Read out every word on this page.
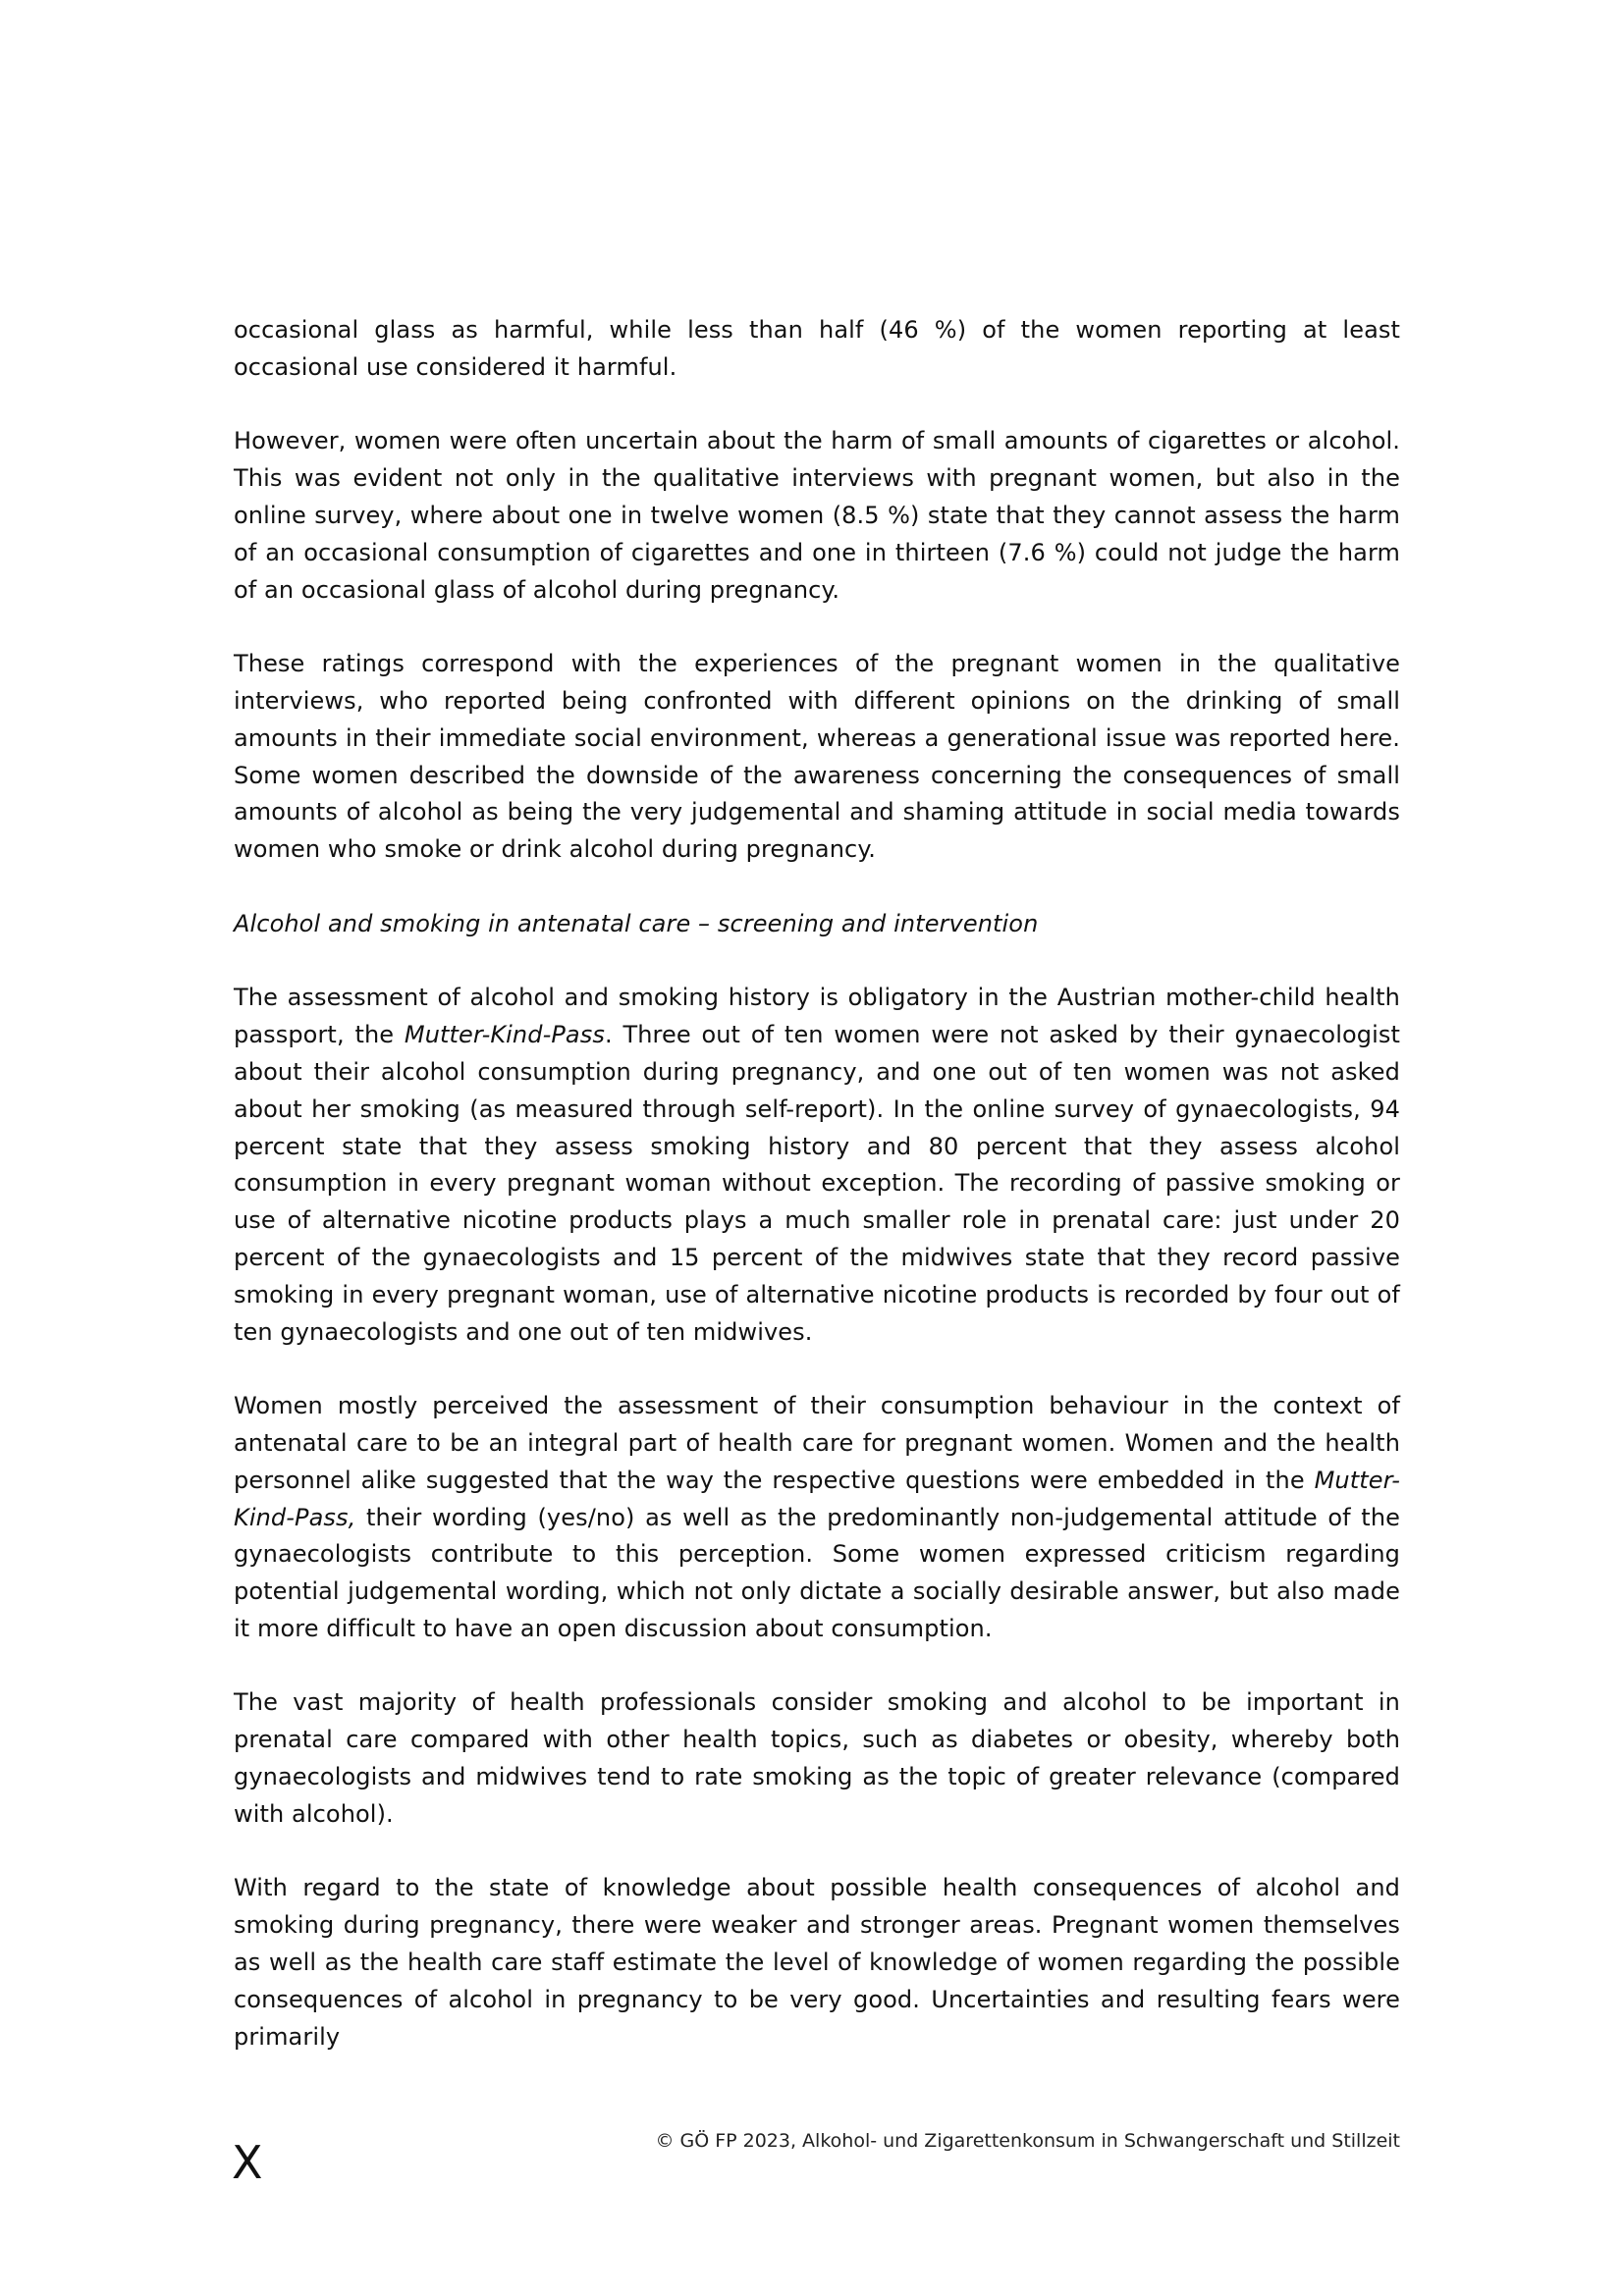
occasional glass as harmful, while less than half (46 %) of the women reporting at least occasional use considered it harmful.

However, women were often uncertain about the harm of small amounts of cigarettes or alcohol. This was evident not only in the qualitative interviews with pregnant women, but also in the online survey, where about one in twelve women (8.5 %) state that they cannot assess the harm of an occasional consumption of cigarettes and one in thirteen (7.6 %) could not judge the harm of an occasional glass of alcohol during pregnancy.

These ratings correspond with the experiences of the pregnant women in the qualitative interviews, who reported being confronted with different opinions on the drinking of small amounts in their immediate social environment, whereas a generational issue was reported here. Some women described the downside of the awareness concerning the consequences of small amounts of alcohol as being the very judgemental and shaming attitude in social media towards women who smoke or drink alcohol during pregnancy.

Alcohol and smoking in antenatal care – screening and intervention

The assessment of alcohol and smoking history is obligatory in the Austrian mother-child health passport, the Mutter-Kind-Pass. Three out of ten women were not asked by their gynaecologist about their alcohol consumption during pregnancy, and one out of ten women was not asked about her smoking (as measured through self-report). In the online survey of gynaecologists, 94 percent state that they assess smoking history and 80 percent that they assess alcohol consumption in every pregnant woman without exception. The recording of passive smoking or use of alternative nicotine products plays a much smaller role in prenatal care: just under 20 percent of the gynaecologists and 15 percent of the midwives state that they record passive smoking in every pregnant woman, use of alternative nicotine products is recorded by four out of ten gynaecologists and one out of ten midwives.

Women mostly perceived the assessment of their consumption behaviour in the context of antenatal care to be an integral part of health care for pregnant women. Women and the health personnel alike suggested that the way the respective questions were embedded in the Mutter-Kind-Pass, their wording (yes/no) as well as the predominantly non-judgemental attitude of the gynaecologists contribute to this perception. Some women expressed criticism regarding potential judgemental wording, which not only dictate a socially desirable answer, but also made it more difficult to have an open discussion about consumption.

The vast majority of health professionals consider smoking and alcohol to be important in prenatal care compared with other health topics, such as diabetes or obesity, whereby both gynaecologists and midwives tend to rate smoking as the topic of greater relevance (compared with alcohol).

With regard to the state of knowledge about possible health consequences of alcohol and smoking during pregnancy, there were weaker and stronger areas. Pregnant women themselves as well as the health care staff estimate the level of knowledge of women regarding the possible consequences of alcohol in pregnancy to be very good. Uncertainties and resulting fears were primarily

X	© GÖ FP 2023, Alkohol- und Zigarettenkonsum in Schwangerschaft und Stillzeit
